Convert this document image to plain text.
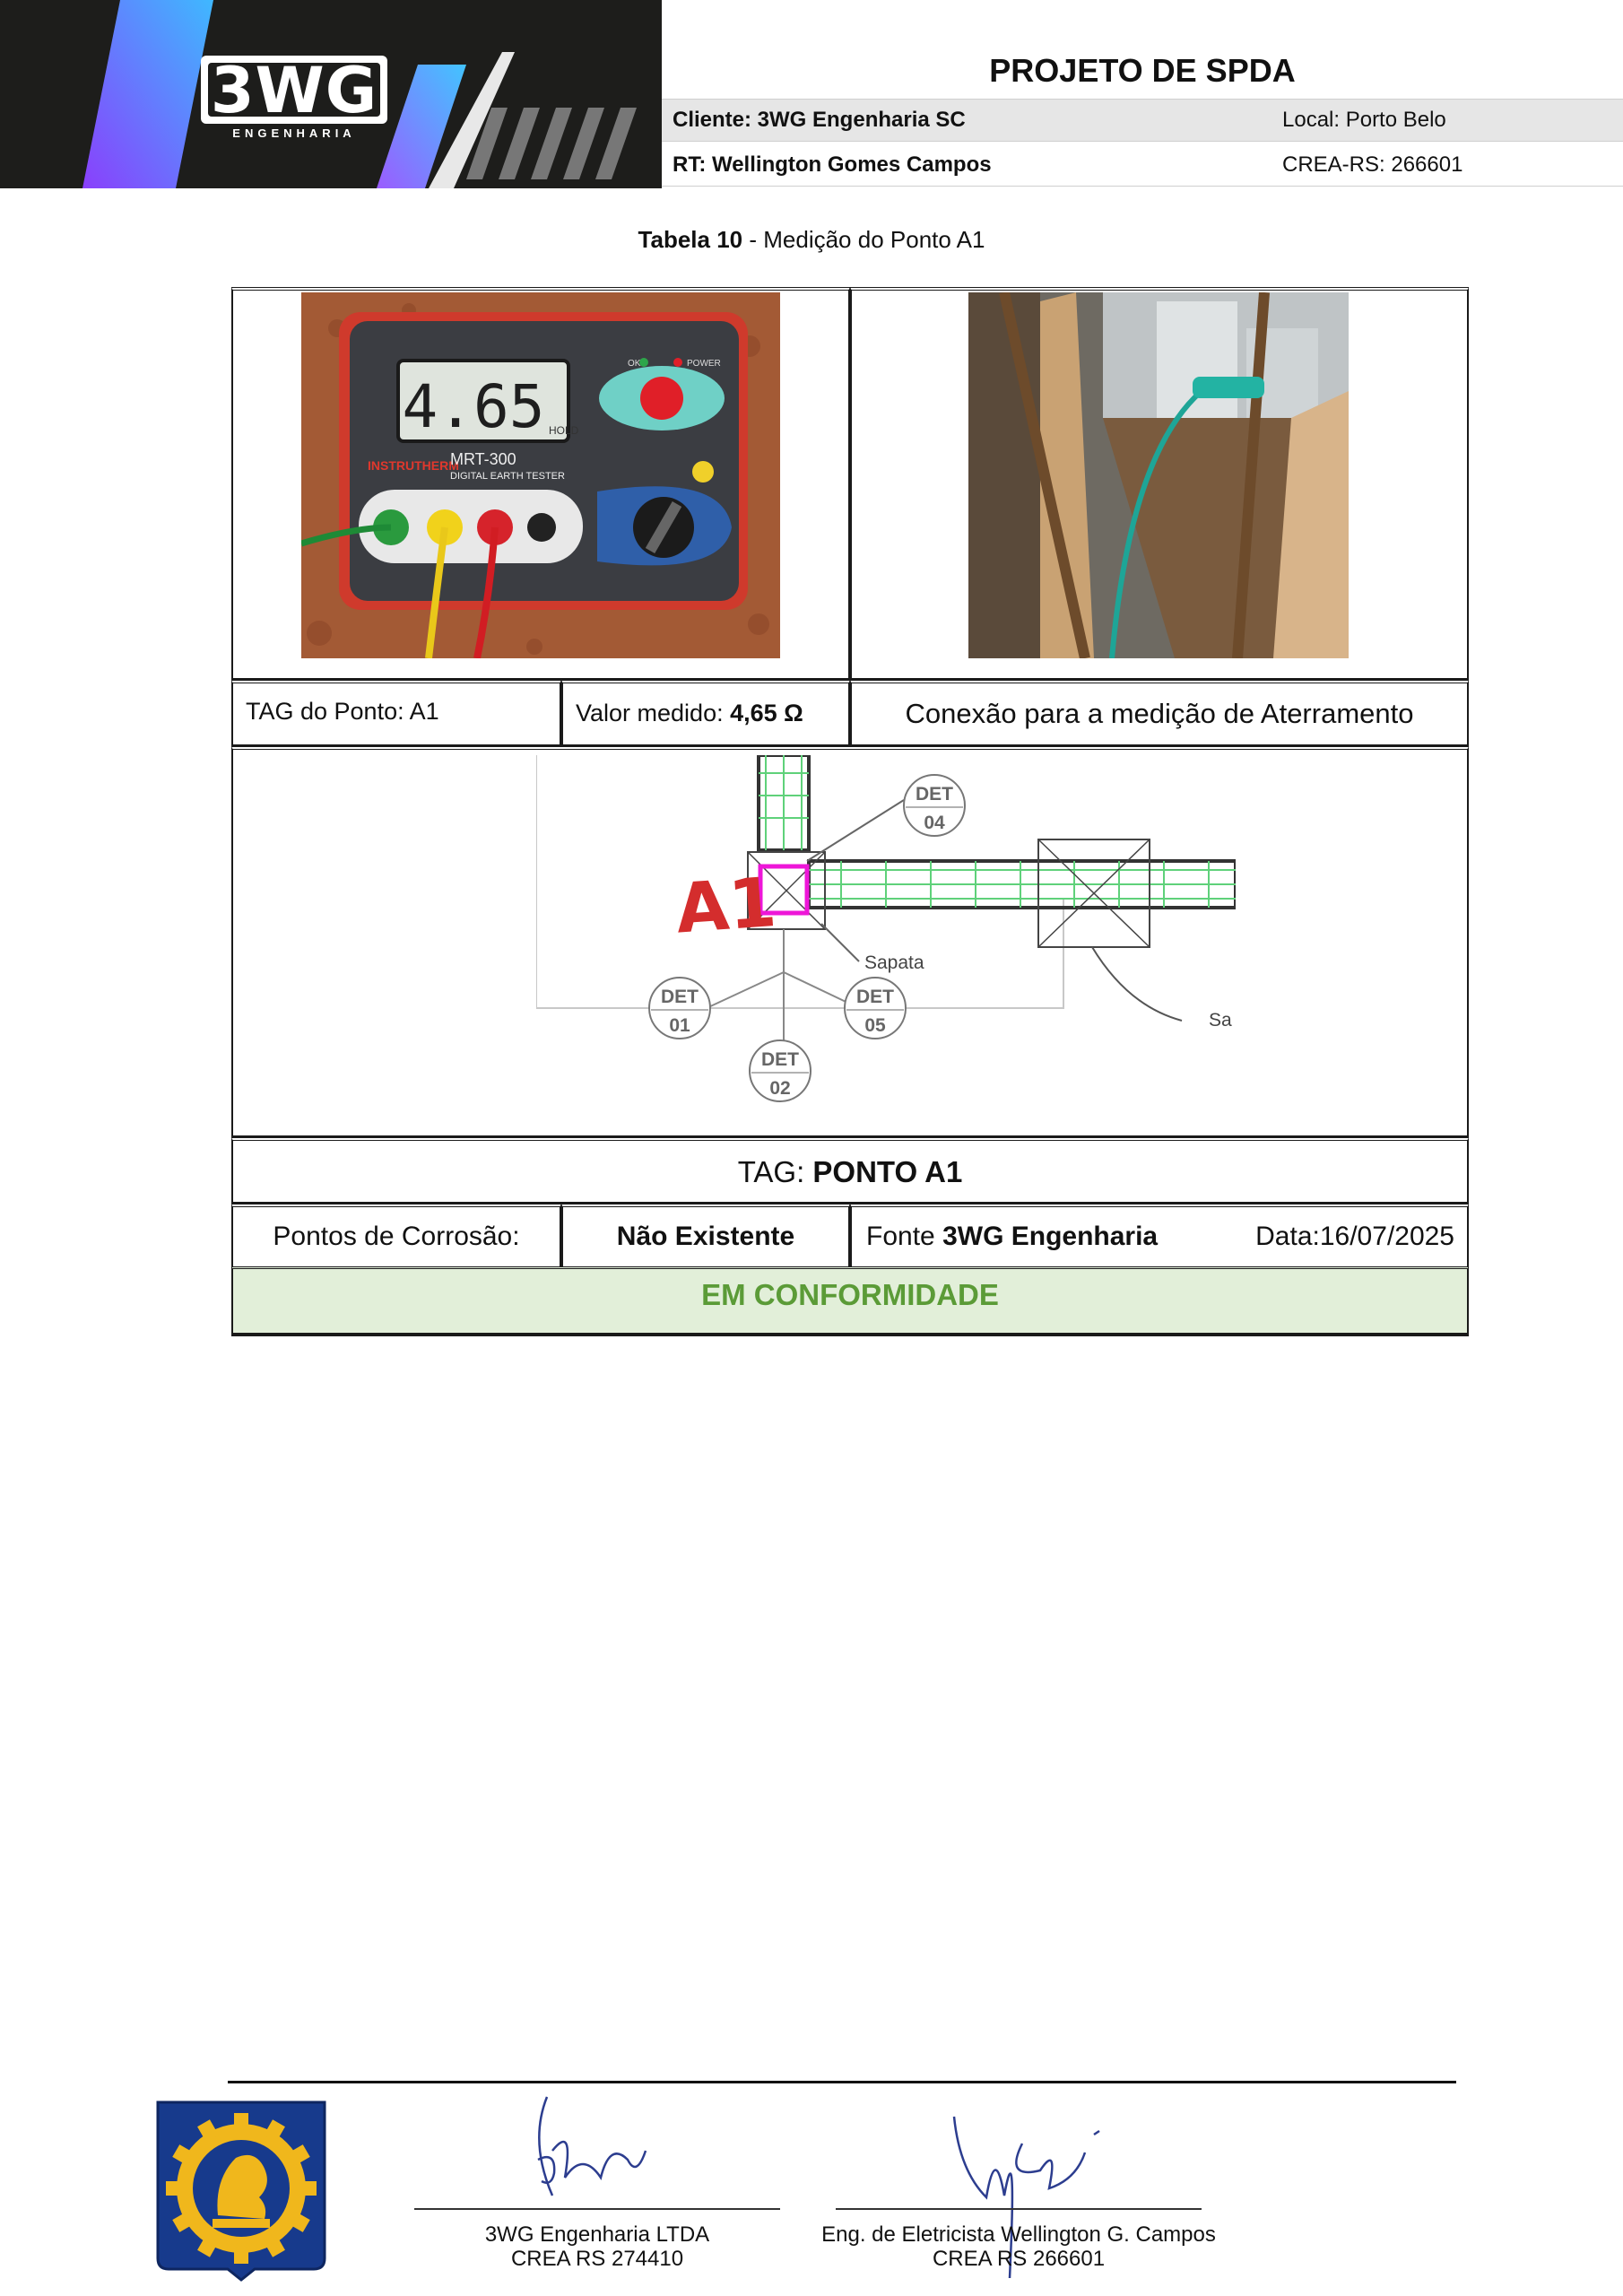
3WG
ENGENHARIA
PROJETO DE SPDA
Cliente: 3WG Engenharia SC	Local: Porto Belo
RT: Wellington Gomes Campos	CREA-RS: 266601
Tabela 10 - Medição do Ponto A1
4.65 HOLD
OK	POWER
INSTRUTHERM
MRT-300
DIGITAL EARTH TESTER
TAG do Ponto: A1	Valor medido: 4,65 Ω	Conexão para a medição de Aterramento
A1
DET
04
DET
01
DET
05
DET
02
Sapata
Sa
TAG: PONTO A1
Pontos de Corrosão:	Não Existente	Fonte 3WG Engenharia	Data:16/07/2025
EM CONFORMIDADE
3WG Engenharia LTDA
CREA RS 274410
Eng. de Eletricista Wellington G. Campos
CREA RS 266601
